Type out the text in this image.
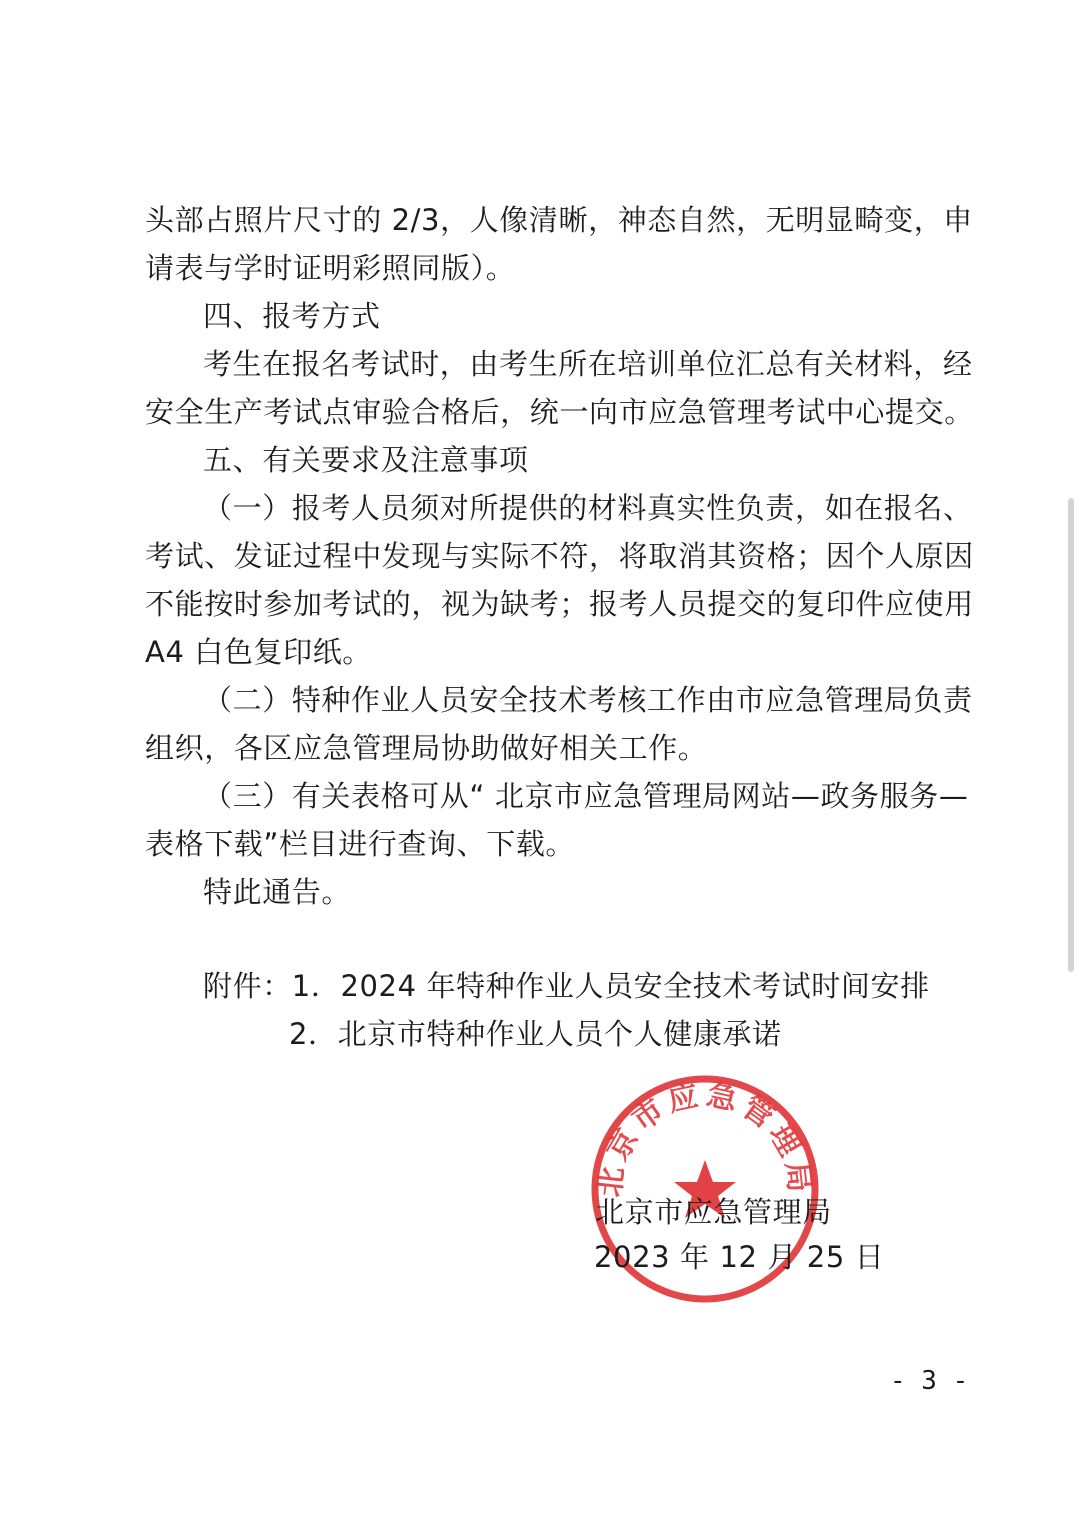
头部占照片尺寸的 2/3，人像清晰，神态自然，无明显畸变，申
请表与学时证明彩照同版）。
四、报考方式
考生在报名考试时，由考生所在培训单位汇总有关材料，经
安全生产考试点审验合格后，统一向市应急管理考试中心提交。
五、有关要求及注意事项
（一）报考人员须对所提供的材料真实性负责，如在报名、
考试、发证过程中发现与实际不符，将取消其资格；因个人原因
不能按时参加考试的，视为缺考；报考人员提交的复印件应使用
A4 白色复印纸。
（二）特种作业人员安全技术考核工作由市应急管理局负责
组织，各区应急管理局协助做好相关工作。
（三）有关表格可从“ 北京市应急管理局网站—政务服务—
表格下载”栏目进行查询、下载。
特此通告。
附件：1．2024 年特种作业人员安全技术考试时间安排
2．北京市特种作业人员个人健康承诺
北京市应急管理局
北京市应急管理局
2023 年 12 月 25 日
- 3 -
